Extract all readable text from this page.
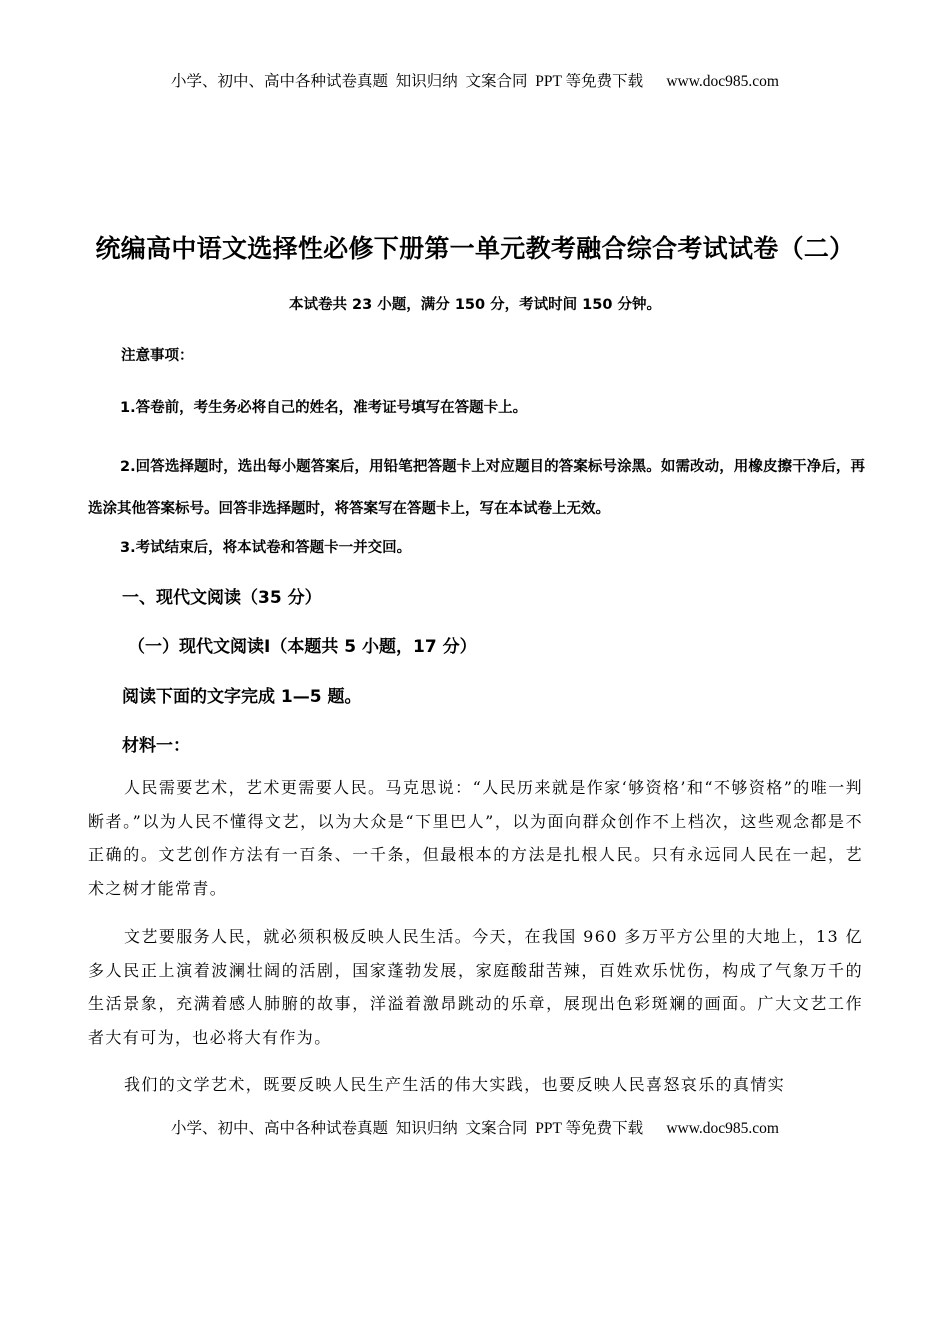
小学、初中、高中各种试卷真题  知识归纳  文案合同  PPT 等免费下载      www.doc985.com
统编高中语文选择性必修下册第一单元教考融合综合考试试卷（二）
本试卷共 23 小题，满分 150 分，考试时间 150 分钟。
注意事项：
1.答卷前，考生务必将自己的姓名，准考证号填写在答题卡上。
2.回答选择题时，选出每小题答案后，用铅笔把答题卡上对应题目的答案标号涂黑。如需改动，用橡皮擦干净后，再选涂其他答案标号。回答非选择题时，将答案写在答题卡上，写在本试卷上无效。
3.考试结束后，将本试卷和答题卡一并交回。
一、现代文阅读（35 分）
（一）现代文阅读Ⅰ（本题共 5 小题，17 分）
阅读下面的文字完成 1—5 题。
材料一：
人民需要艺术，艺术更需要人民。马克思说：“人民历来就是作家‘够资格’和“不够资格”的唯一判断者。”以为人民不懂得文艺，以为大众是“下里巴人”，以为面向群众创作不上档次，这些观念都是不正确的。文艺创作方法有一百条、一千条，但最根本的方法是扎根人民。只有永远同人民在一起，艺术之树才能常青。
文艺要服务人民，就必须积极反映人民生活。今天，在我国 960 多万平方公里的大地上，13 亿多人民正上演着波澜壮阔的活剧，国家蓬勃发展，家庭酸甜苦辣，百姓欢乐忧伤，构成了气象万千的生活景象，充满着感人肺腑的故事，洋溢着激昂跳动的乐章，展现出色彩斑斓的画面。广大文艺工作者大有可为，也必将大有作为。
我们的文学艺术，既要反映人民生产生活的伟大实践，也要反映人民喜怒哀乐的真情实
小学、初中、高中各种试卷真题  知识归纳  文案合同  PPT 等免费下载      www.doc985.com
